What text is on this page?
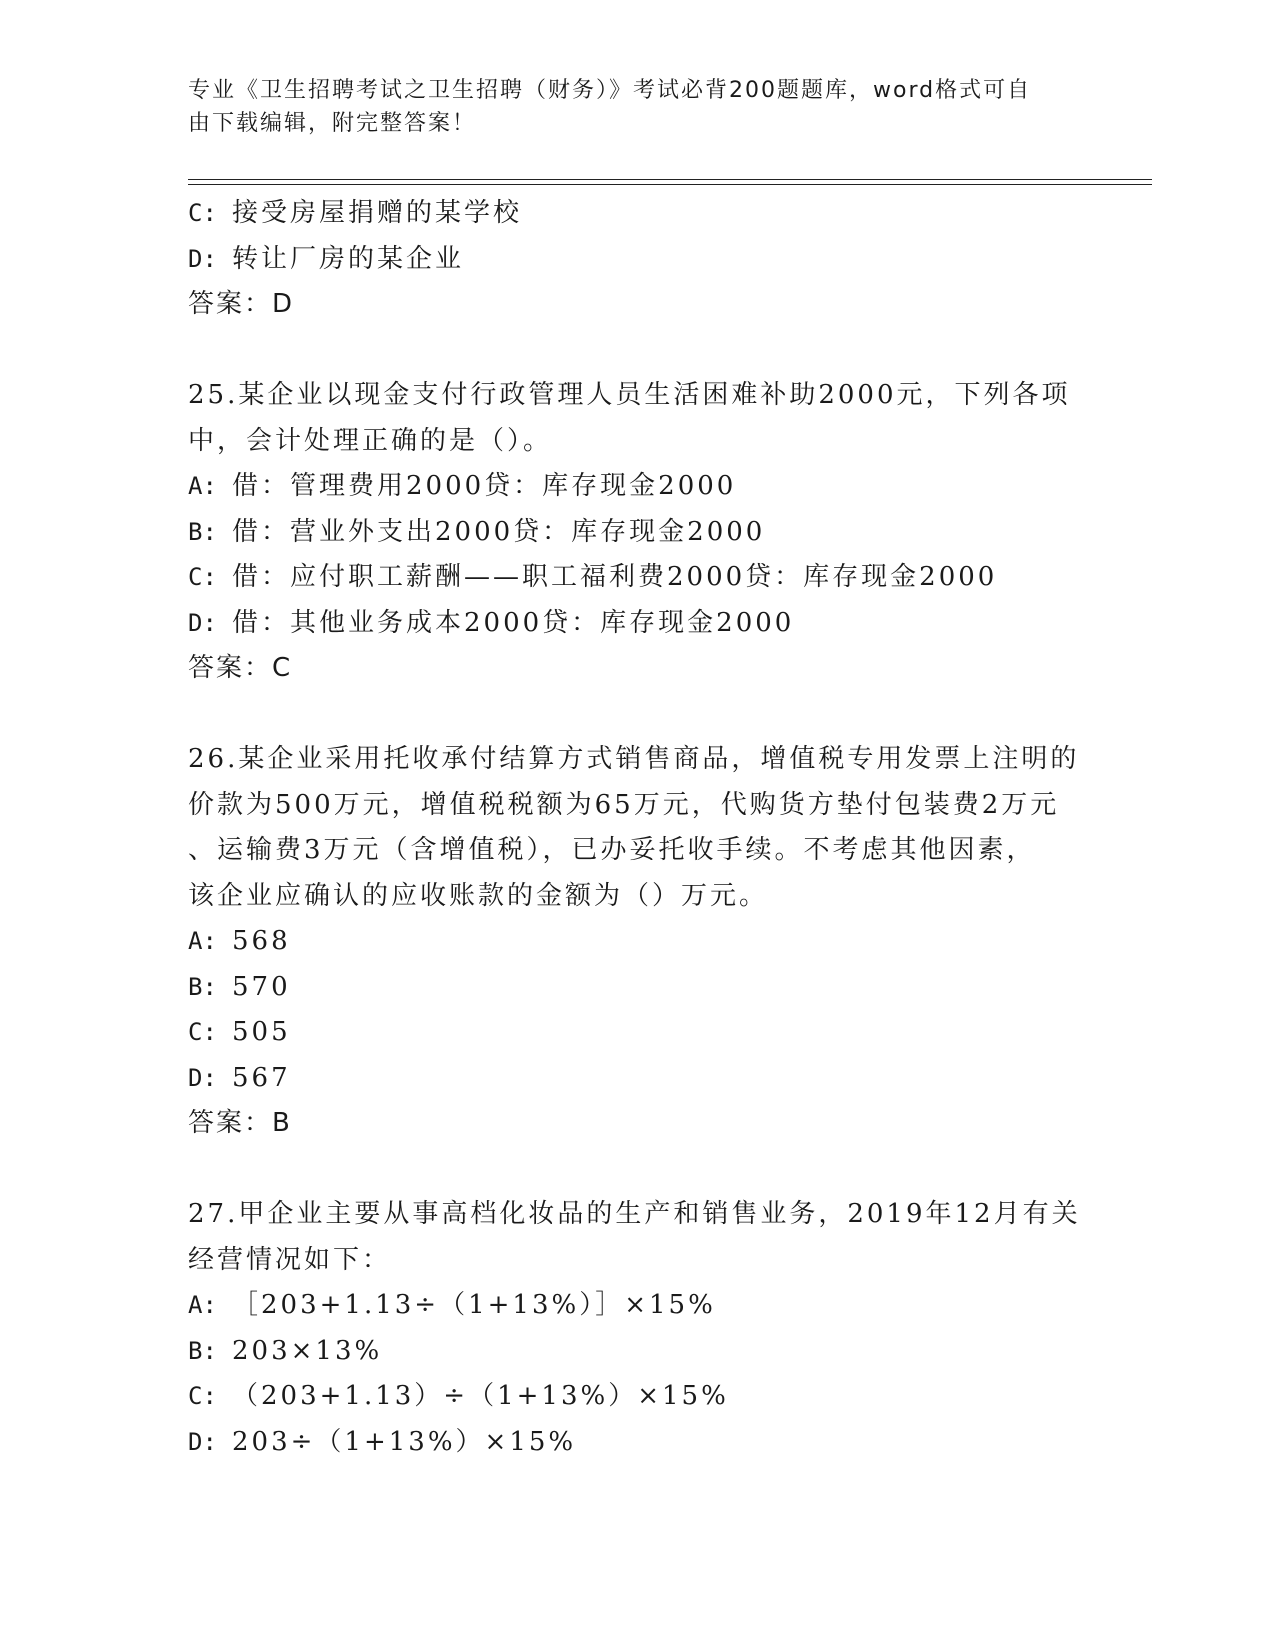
专业《卫生招聘考试之卫生招聘（财务）》考试必背200题题库，word格式可自
由下载编辑，附完整答案！
C: 接受房屋捐赠的某学校
D: 转让厂房的某企业
答案：D
25.某企业以现金支付行政管理人员生活困难补助2000元，下列各项
中，会计处理正确的是（）。
A: 借：管理费用2000贷：库存现金2000
B: 借：营业外支出2000贷：库存现金2000
C: 借：应付职工薪酬——职工福利费2000贷：库存现金2000
D: 借：其他业务成本2000贷：库存现金2000
答案：C
26.某企业采用托收承付结算方式销售商品，增值税专用发票上注明的
价款为500万元，增值税税额为65万元，代购货方垫付包装费2万元
、运输费3万元（含增值税），已办妥托收手续。不考虑其他因素，
该企业应确认的应收账款的金额为（）万元。
A: 568
B: 570
C: 505
D: 567
答案：B
27.甲企业主要从事高档化妆品的生产和销售业务，2019年12月有关
经营情况如下：
A: ［203+1.13÷（1+13%）］×15%
B: 203×13%
C: （203+1.13）÷（1+13%）×15%
D: 203÷（1+13%）×15%
